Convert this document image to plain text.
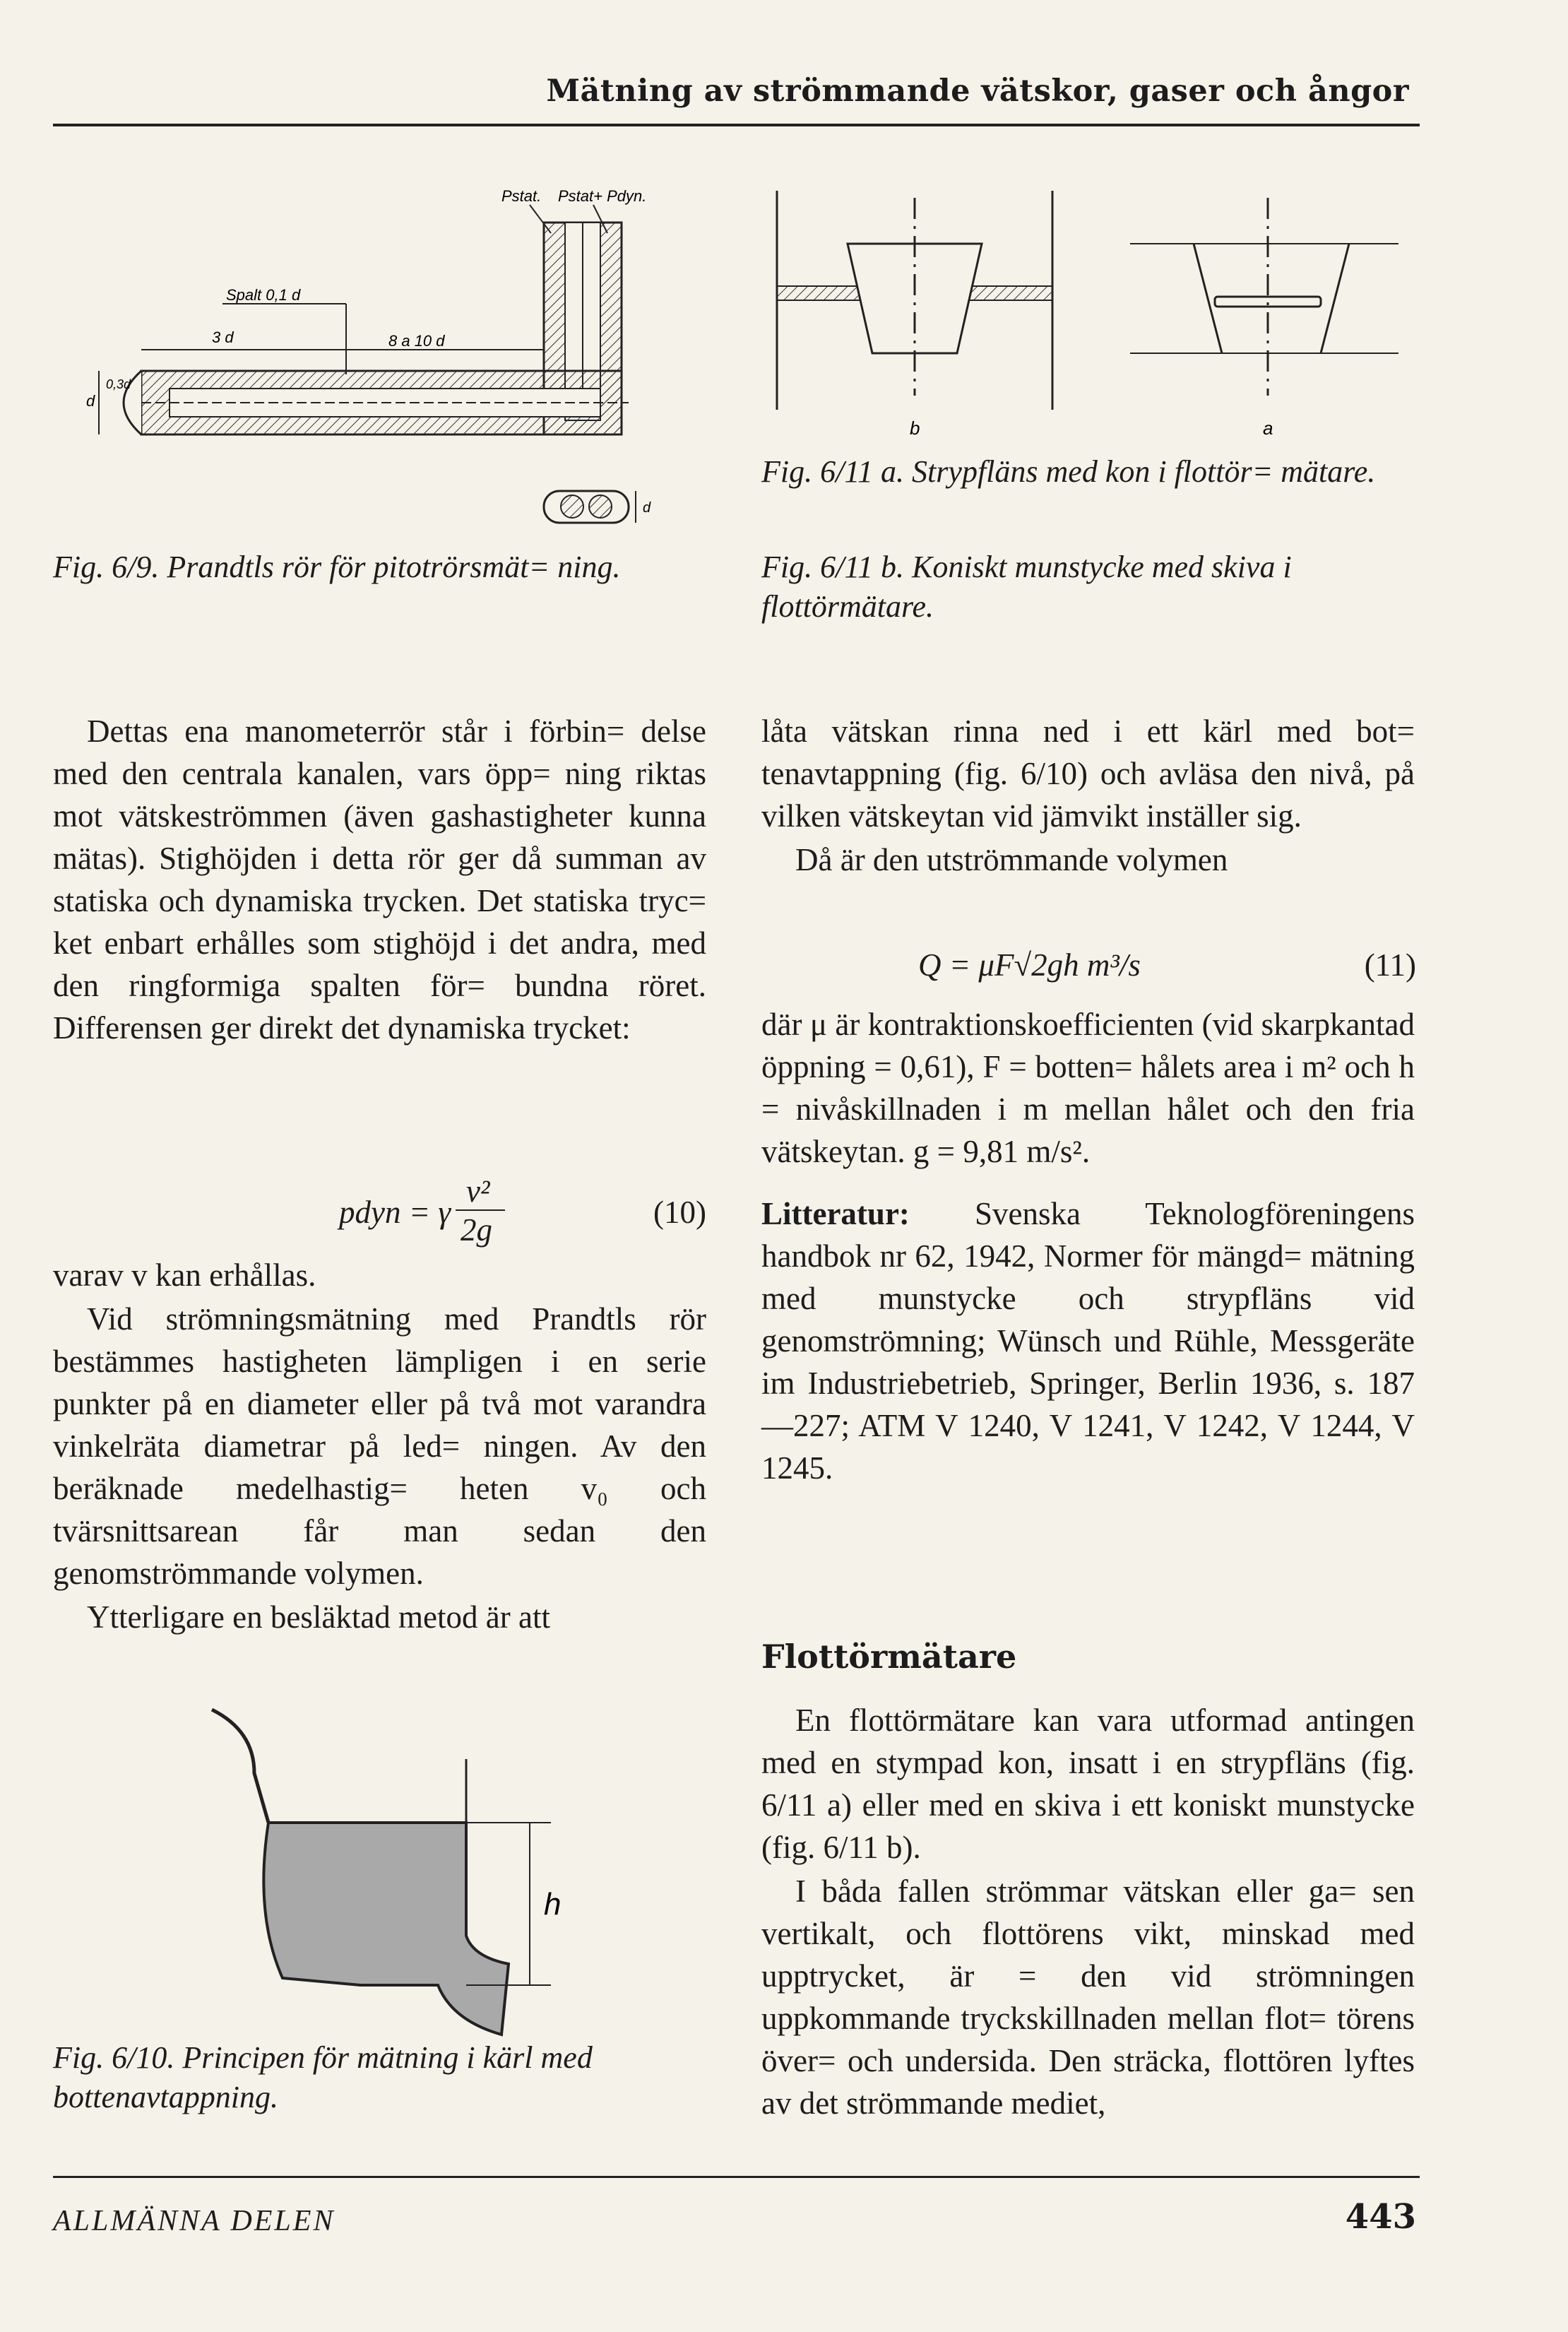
Mätning av strömmande vätskor, gaser och ångor
Pstat. Pstat+ Pdyn.
Spalt 0,1 d
3 d	8 a 10 d
d
0,3d
d
Fig. 6/9. Prandtls rör för pitotrörsmät= ning.
b	a
Fig. 6/11 a. Strypfläns med kon i flottör= mätare.
Fig. 6/11 b. Koniskt munstycke med skiva i flottörmätare.

Dettas ena manometerrör står i förbin= delse med den centrala kanalen, vars öpp= ning riktas mot vätskeströmmen (även gashastigheter kunna mätas). Stighöjden i detta rör ger då summan av statiska och dynamiska trycken. Det statiska tryc= ket enbart erhålles som stighöjd i det andra, med den ringformiga spalten för= bundna röret. Differensen ger direkt det dynamiska trycket:

pdyn = γ
v²
2g	(10)

varav v kan erhållas.

Vid strömningsmätning med Prandtls rör bestämmes hastigheten lämpligen i en serie punkter på en diameter eller på två mot varandra vinkelräta diametrar på led= ningen. Av den beräknade medelhastig= heten v₀ och tvärsnittsarean får man sedan den genomströmmande volymen.

Ytterligare en besläktad metod är att

h
Fig. 6/10. Principen för mätning i kärl med bottenavtappning.

låta vätskan rinna ned i ett kärl med bot= tenavtappning (fig. 6/10) och avläsa den nivå, på vilken vätskeytan vid jämvikt inställer sig.

Då är den utströmmande volymen

Q = μF√2gh m³/s	(11)

där μ är kontraktionskoefficienten (vid skarpkantad öppning = 0,61), F = botten= hålets area i m² och h = nivåskillnaden i m mellan hålet och den fria vätskeytan. g = 9,81 m/s².

Litteratur: Svenska Teknologföreningens handbok nr 62, 1942, Normer för mängd= mätning med munstycke och strypfläns vid genomströmning; Wünsch und Rühle, Messgeräte im Industriebetrieb, Springer, Berlin 1936, s. 187—227; ATM V 1240, V 1241, V 1242, V 1244, V 1245.

Flottörmätare

En flottörmätare kan vara utformad antingen med en stympad kon, insatt i en strypfläns (fig. 6/11 a) eller med en skiva i ett koniskt munstycke (fig. 6/11 b).

I båda fallen strömmar vätskan eller ga= sen vertikalt, och flottörens vikt, minskad med upptrycket, är = den vid strömningen uppkommande tryckskillnaden mellan flot= törens över= och undersida. Den sträcka, flottören lyftes av det strömmande mediet,

ALLMÄNNA DELEN	443
